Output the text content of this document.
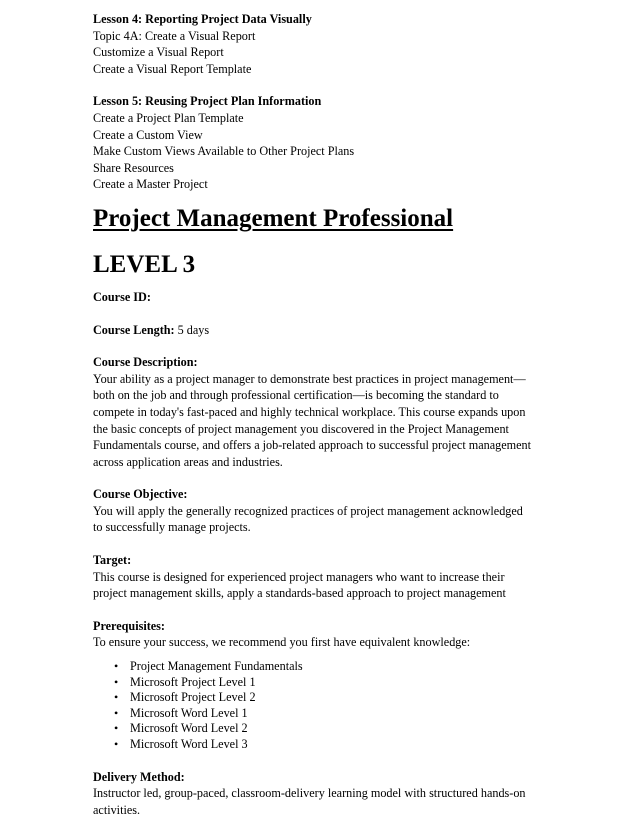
Lesson 4: Reporting Project Data Visually
Topic 4A: Create a Visual Report
Customize a Visual Report
Create a Visual Report Template
Lesson 5: Reusing Project Plan Information
Create a Project Plan Template
Create a Custom View
Make Custom Views Available to Other Project Plans
Share Resources
Create a Master Project
Project Management Professional
LEVEL 3
Course ID:
Course Length: 5 days
Course Description:
Your ability as a project manager to demonstrate best practices in project management—
both on the job and through professional certification—is becoming the standard to
compete in today's fast-paced and highly technical workplace. This course expands upon
the basic concepts of project management you discovered in the Project Management
Fundamentals course, and offers a job-related approach to successful project management
across application areas and industries.
Course Objective:
You will apply the generally recognized practices of project management acknowledged
to successfully manage projects.
Target:
This course is designed for experienced project managers who want to increase their
project management skills, apply a standards-based approach to project management
Prerequisites:
To ensure your success, we recommend you first have equivalent knowledge:
• Project Management Fundamentals
• Microsoft Project Level 1
• Microsoft Project Level 2
• Microsoft Word Level 1
• Microsoft Word Level 2
• Microsoft Word Level 3
Delivery Method:
Instructor led, group-paced, classroom-delivery learning model with structured hands-on
activities.
